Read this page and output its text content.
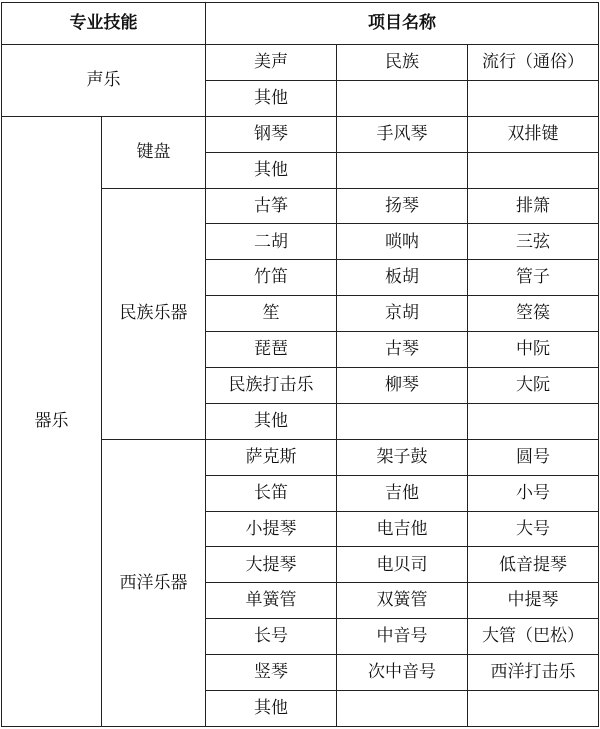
专业技能		项目名称		
声乐		美声	民族	流行（通俗）
		其他		
器乐	键盘	钢琴	手风琴	双排键
		其他		
	民族乐器	古筝	扬琴	排箫
		二胡	唢呐	三弦
		竹笛	板胡	管子
		笙	京胡	箜篌
		琵琶	古琴	中阮
		民族打击乐	柳琴	大阮
		其他		
	西洋乐器	萨克斯	架子鼓	圆号
		长笛	吉他	小号
		小提琴	电吉他	大号
		大提琴	电贝司	低音提琴
		单簧管	双簧管	中提琴
		长号	中音号	大管（巴松）
		竖琴	次中音号	西洋打击乐
		其他		
